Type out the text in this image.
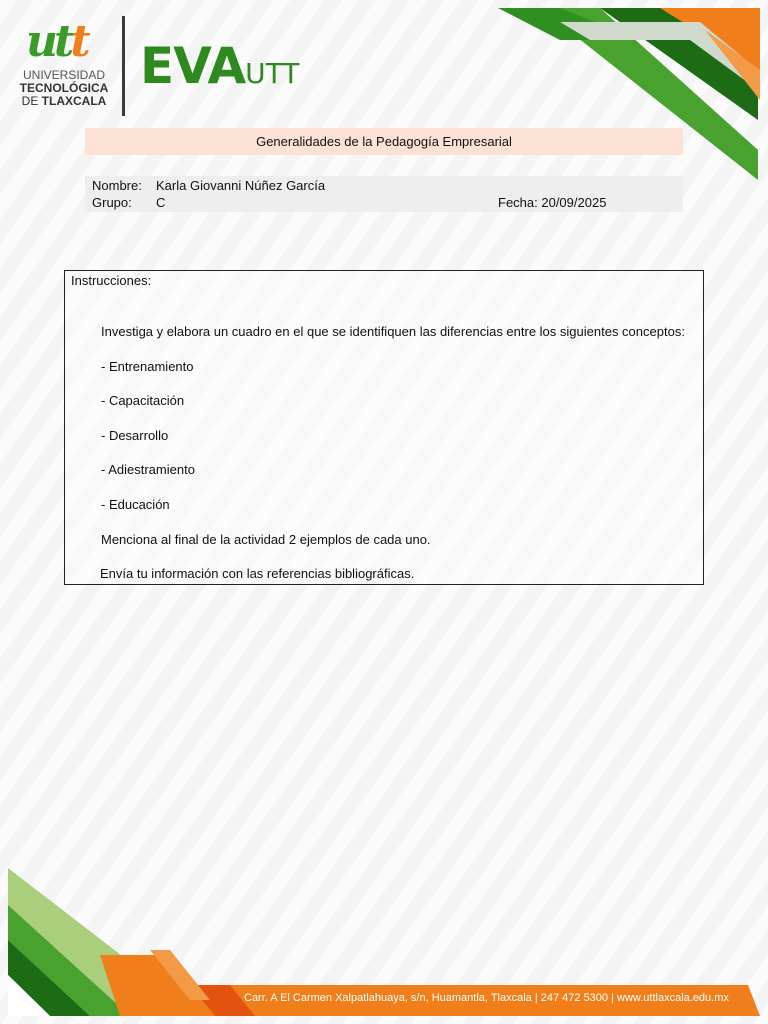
utt
UNIVERSIDAD
TECNOLÓGICA
DE TLAXCALA
EVAUTT
Generalidades de la Pedagogía Empresarial
Nombre: Karla Giovanni Núñez García
Grupo: C	Fecha: 20/09/2025
Instrucciones:
Investiga y elabora un cuadro en el que se identifiquen las diferencias entre los siguientes conceptos:
- Entrenamiento
- Capacitación
- Desarrollo
- Adiestramiento
- Educación
Menciona al final de la actividad 2 ejemplos de cada uno.
Envía tu información con las referencias bibliográficas.
Carr. A El Carmen Xalpatlahuaya, s/n, Huamantla, Tlaxcala | 247 472 5300 | www.uttlaxcala.edu.mx
